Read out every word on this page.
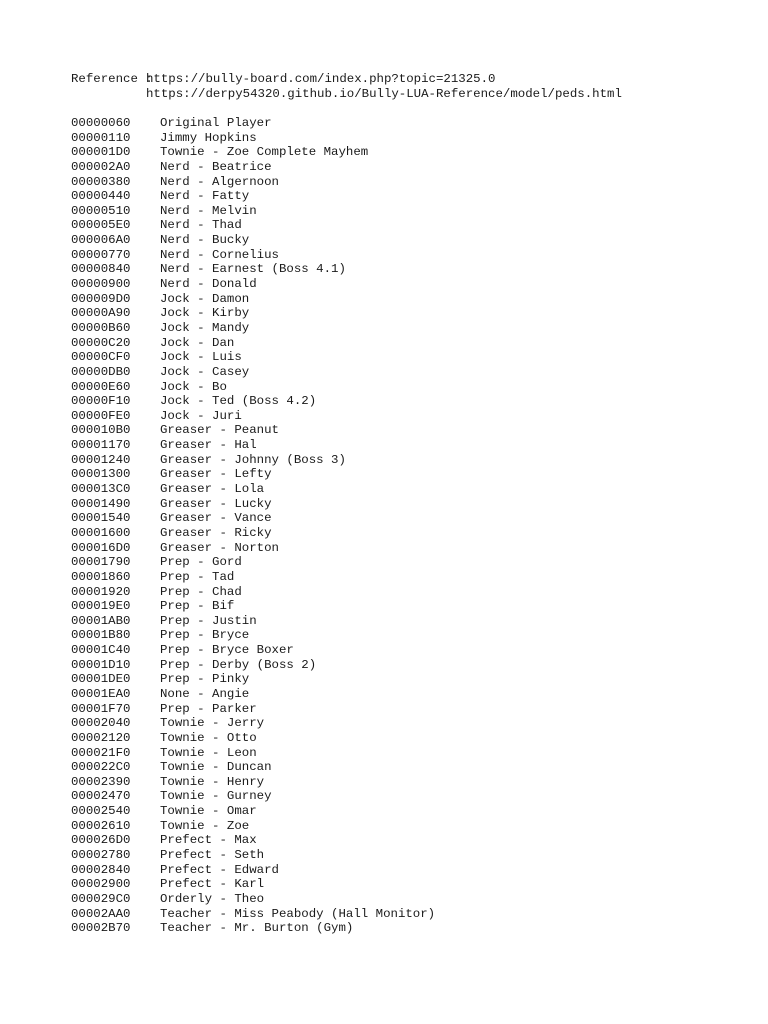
Reference :
https://bully-board.com/index.php?topic=21325.0
https://derpy54320.github.io/Bully-LUA-Reference/model/peds.html
00000060	Original Player
00000110	Jimmy Hopkins
000001D0	Townie - Zoe Complete Mayhem
000002A0	Nerd - Beatrice
00000380	Nerd - Algernoon
00000440	Nerd - Fatty
00000510	Nerd - Melvin
000005E0	Nerd - Thad
000006A0	Nerd - Bucky
00000770	Nerd - Cornelius
00000840	Nerd - Earnest (Boss 4.1)
00000900	Nerd - Donald
000009D0	Jock - Damon
00000A90	Jock - Kirby
00000B60	Jock - Mandy
00000C20	Jock - Dan
00000CF0	Jock - Luis
00000DB0	Jock - Casey
00000E60	Jock - Bo
00000F10	Jock - Ted (Boss 4.2)
00000FE0	Jock - Juri
000010B0	Greaser - Peanut
00001170	Greaser - Hal
00001240	Greaser - Johnny (Boss 3)
00001300	Greaser - Lefty
000013C0	Greaser - Lola
00001490	Greaser - Lucky
00001540	Greaser - Vance
00001600	Greaser - Ricky
000016D0	Greaser - Norton
00001790	Prep - Gord
00001860	Prep - Tad
00001920	Prep - Chad
000019E0	Prep - Bif
00001AB0	Prep - Justin
00001B80	Prep - Bryce
00001C40	Prep - Bryce Boxer
00001D10	Prep - Derby (Boss 2)
00001DE0	Prep - Pinky
00001EA0	None - Angie
00001F70	Prep - Parker
00002040	Townie - Jerry
00002120	Townie - Otto
000021F0	Townie - Leon
000022C0	Townie - Duncan
00002390	Townie - Henry
00002470	Townie - Gurney
00002540	Townie - Omar
00002610	Townie - Zoe
000026D0	Prefect - Max
00002780	Prefect - Seth
00002840	Prefect - Edward
00002900	Prefect - Karl
000029C0	Orderly - Theo
00002AA0	Teacher - Miss Peabody (Hall Monitor)
00002B70	Teacher - Mr. Burton (Gym)
